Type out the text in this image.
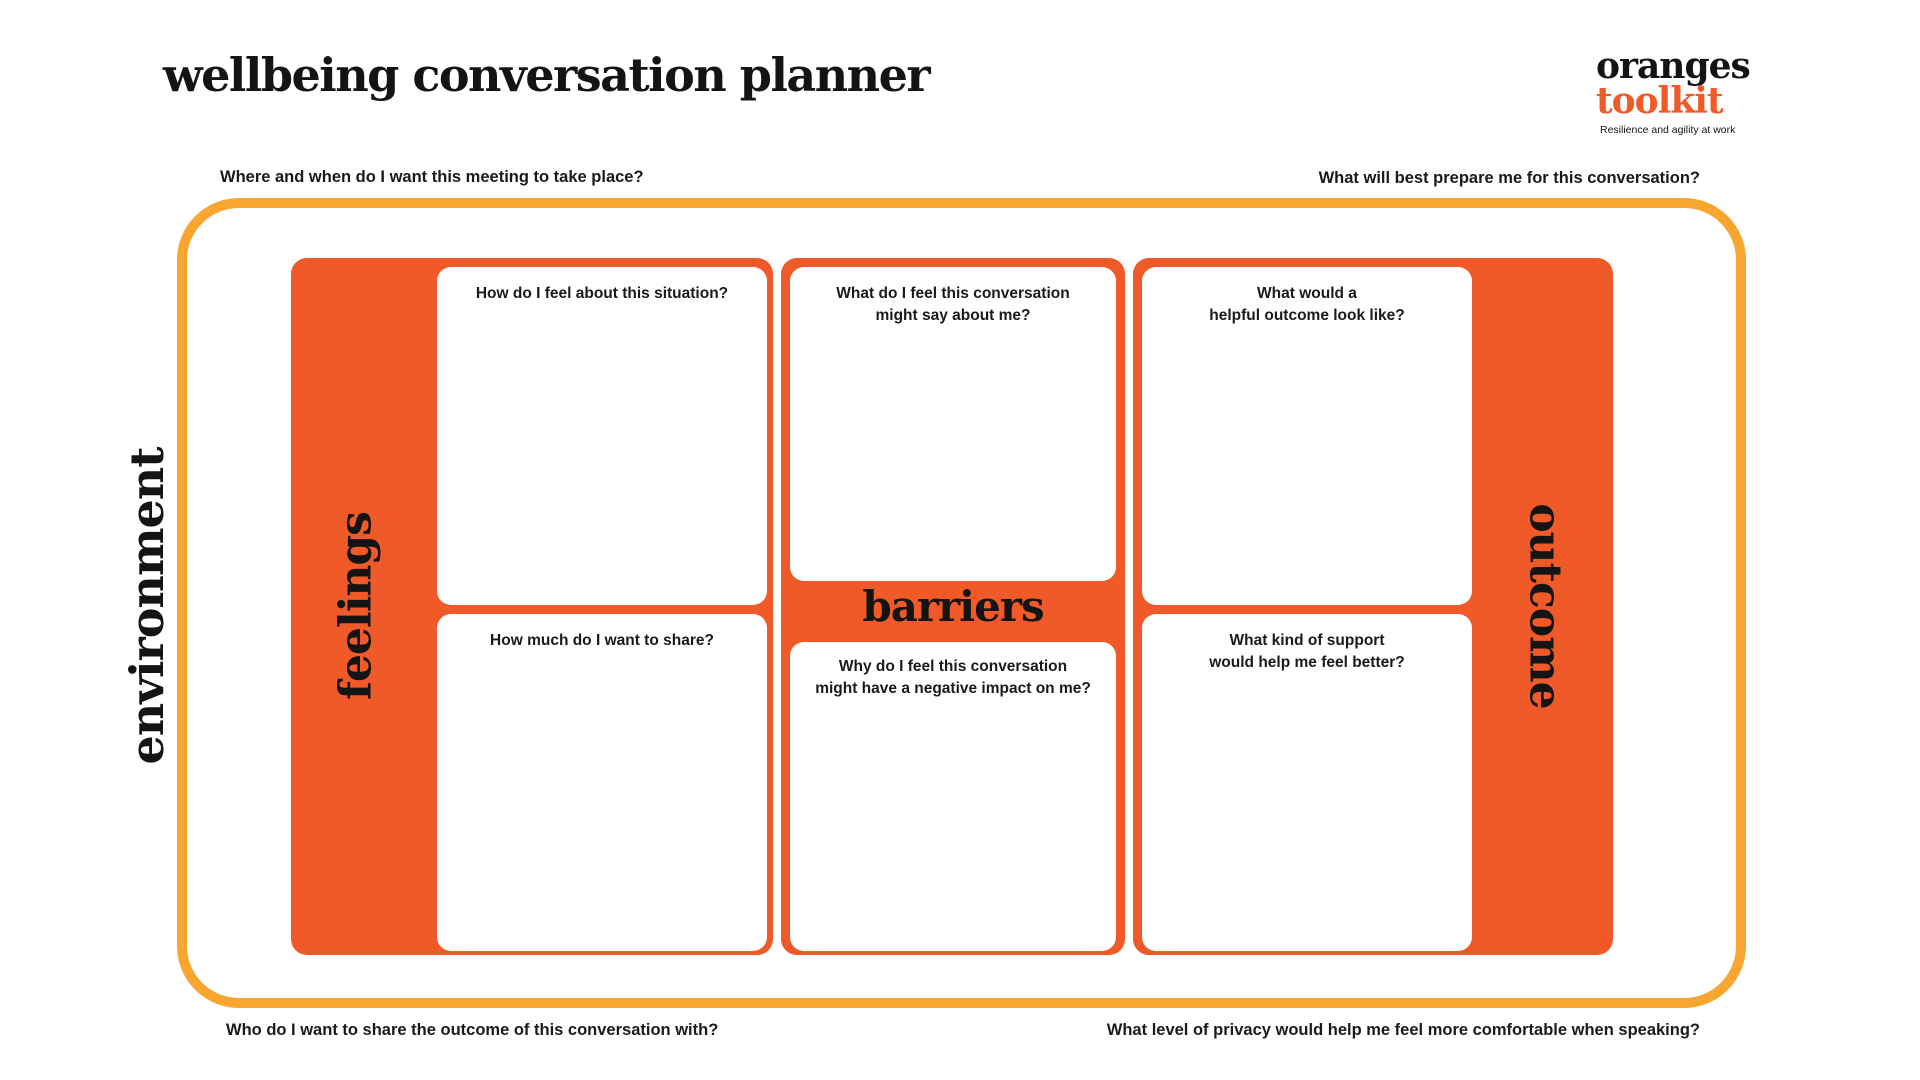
wellbeing conversation planner	oranges
toolkit
Resilience and agility at work
Where and when do I want this meeting to take place?	What will best prepare me for this conversation?
Who do I want to share the outcome of this conversation with?	What level of privacy would help me feel more comfortable when speaking?
environment	feelings
How do I feel about this situation?
How much do I want to share?
What do I feel this conversation
might say about me?
barriers
Why do I feel this conversation
might have a negative impact on me?	outcome
What would a
helpful outcome look like?
What kind of support
would help me feel better?
